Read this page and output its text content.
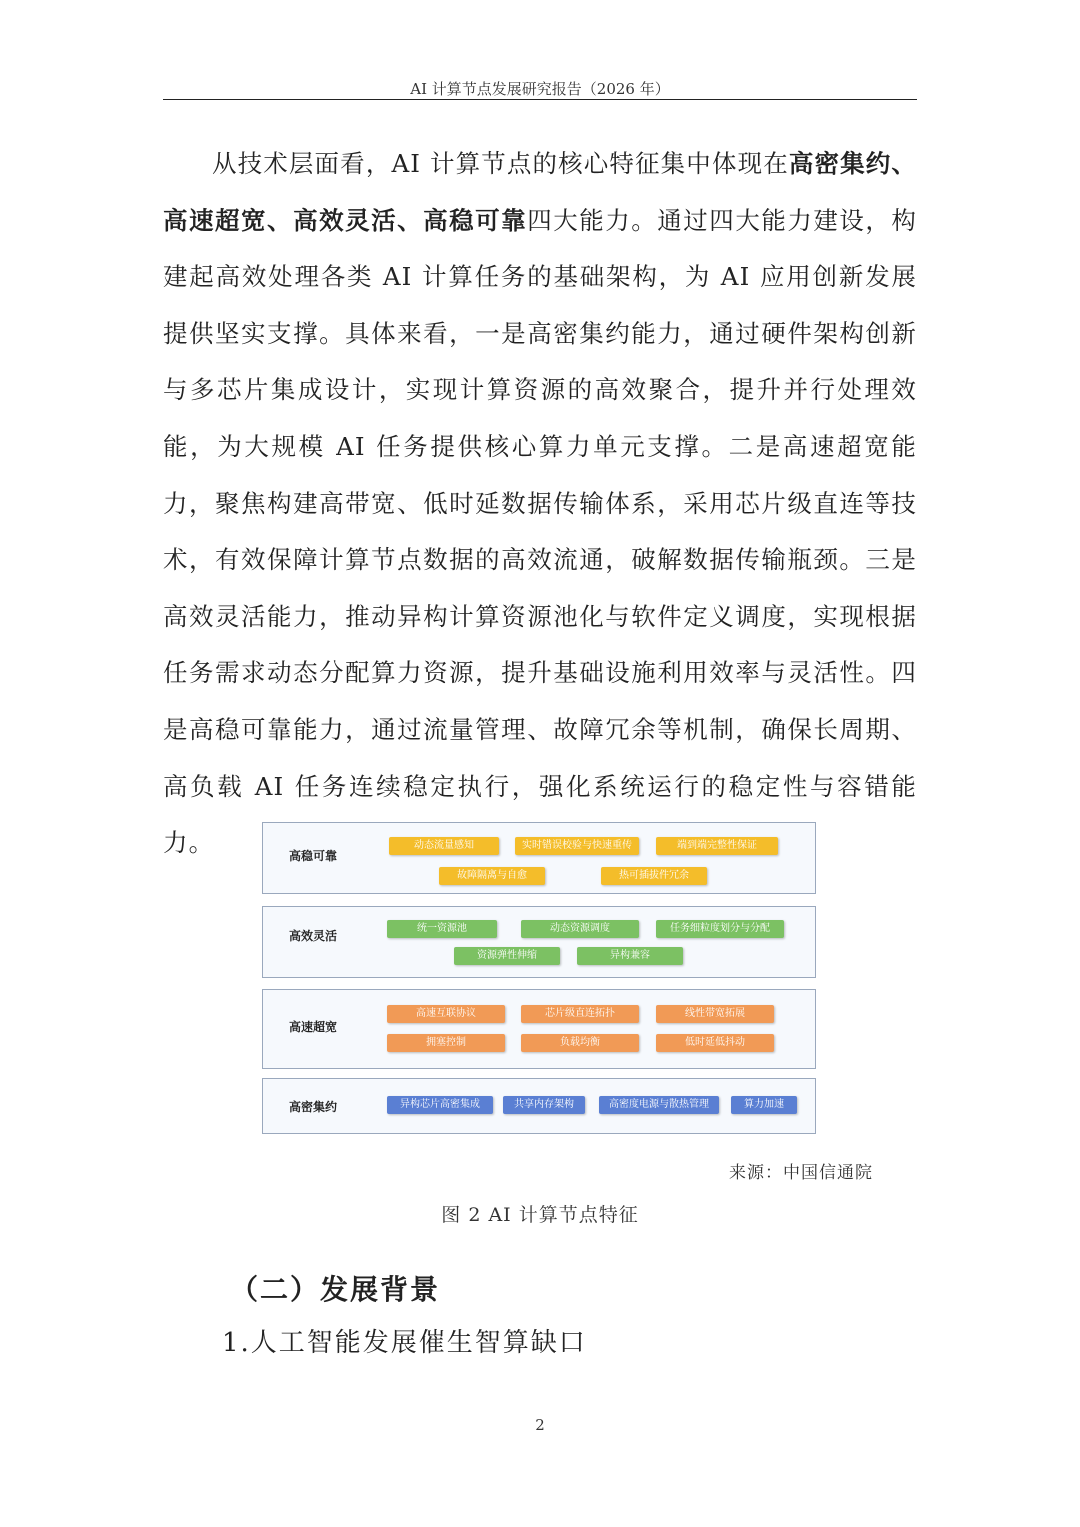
AI 计算节点发展研究报告（2026 年）

从技术层面看，AI 计算节点的核心特征集中体现在高密集约、高速超宽、高效灵活、高稳可靠四大能力。通过四大能力建设，构建起高效处理各类 AI 计算任务的基础架构，为 AI 应用创新发展提供坚实支撑。具体来看，一是高密集约能力，通过硬件架构创新与多芯片集成设计，实现计算资源的高效聚合，提升并行处理效能，为大规模 AI 任务提供核心算力单元支撑。二是高速超宽能力，聚焦构建高带宽、低时延数据传输体系，采用芯片级直连等技术，有效保障计算节点数据的高效流通，破解数据传输瓶颈。三是高效灵活能力，推动异构计算资源池化与软件定义调度，实现根据任务需求动态分配算力资源，提升基础设施利用效率与灵活性。四是高稳可靠能力，通过流量管理、故障冗余等机制，确保长周期、高负载 AI 任务连续稳定执行，强化系统运行的稳定性与容错能力。	高稳可靠
动态流量感知	实时错误校验与快速重传	端到端完整性保证
故障隔离与自愈	热可插拔件冗余
高效灵活
统一资源池	动态资源调度	任务细粒度划分与分配
资源弹性伸缩	异构兼容
高速超宽
高速互联协议	芯片级直连拓扑	线性带宽拓展
拥塞控制	负载均衡	低时延低抖动
高密集约	异构芯片高密集成	共享内存架构	高密度电源与散热管理	算力加速
来源：中国信通院
图 2 AI 计算节点特征
（二）发展背景
1.人工智能发展催生智算缺口
2
